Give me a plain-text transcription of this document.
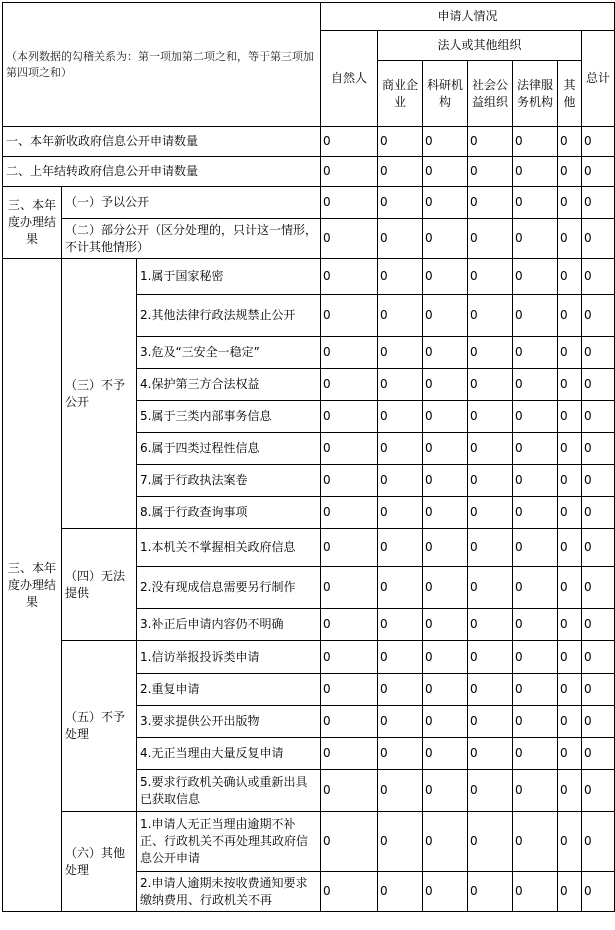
（本列数据的勾稽关系为：第一项加第二项之和，等于第三项加第四项之和）			申请人情况						
			自然人	法人或其他组织					总计
				商业企业	科研机构	社会公益组织	法律服务机构	其他	
一、本年新收政府信息公开申请数量			0	0	0	0	0	0	0
二、上年结转政府信息公开申请数量			0	0	0	0	0	0	0
三、本年度办理结果	（一）予以公开		0	0	0	0	0	0	0
	（二）部分公开（区分处理的，只计这一情形，不计其他情形）		0	0	0	0	0	0	0
三、本年度办理结果	（三）不予公开	1.属于国家秘密	0	0	0	0	0	0	0
		2.其他法律行政法规禁止公开	0	0	0	0	0	0	0
		3.危及“三安全一稳定”	0	0	0	0	0	0	0
		4.保护第三方合法权益	0	0	0	0	0	0	0
		5.属于三类内部事务信息	0	0	0	0	0	0	0
		6.属于四类过程性信息	0	0	0	0	0	0	0
		7.属于行政执法案卷	0	0	0	0	0	0	0
		8.属于行政查询事项	0	0	0	0	0	0	0
	（四）无法提供	1.本机关不掌握相关政府信息	0	0	0	0	0	0	0
		2.没有现成信息需要另行制作	0	0	0	0	0	0	0
		3.补正后申请内容仍不明确	0	0	0	0	0	0	0
	（五）不予处理	1.信访举报投诉类申请	0	0	0	0	0	0	0
		2.重复申请	0	0	0	0	0	0	0
		3.要求提供公开出版物	0	0	0	0	0	0	0
		4.无正当理由大量反复申请	0	0	0	0	0	0	0
		5.要求行政机关确认或重新出具已获取信息	0	0	0	0	0	0	0
	（六）其他处理	1.申请人无正当理由逾期不补正、行政机关不再处理其政府信息公开申请	0	0	0	0	0	0	0
		2.申请人逾期未按收费通知要求缴纳费用、行政机关不再	0	0	0	0	0	0	0
